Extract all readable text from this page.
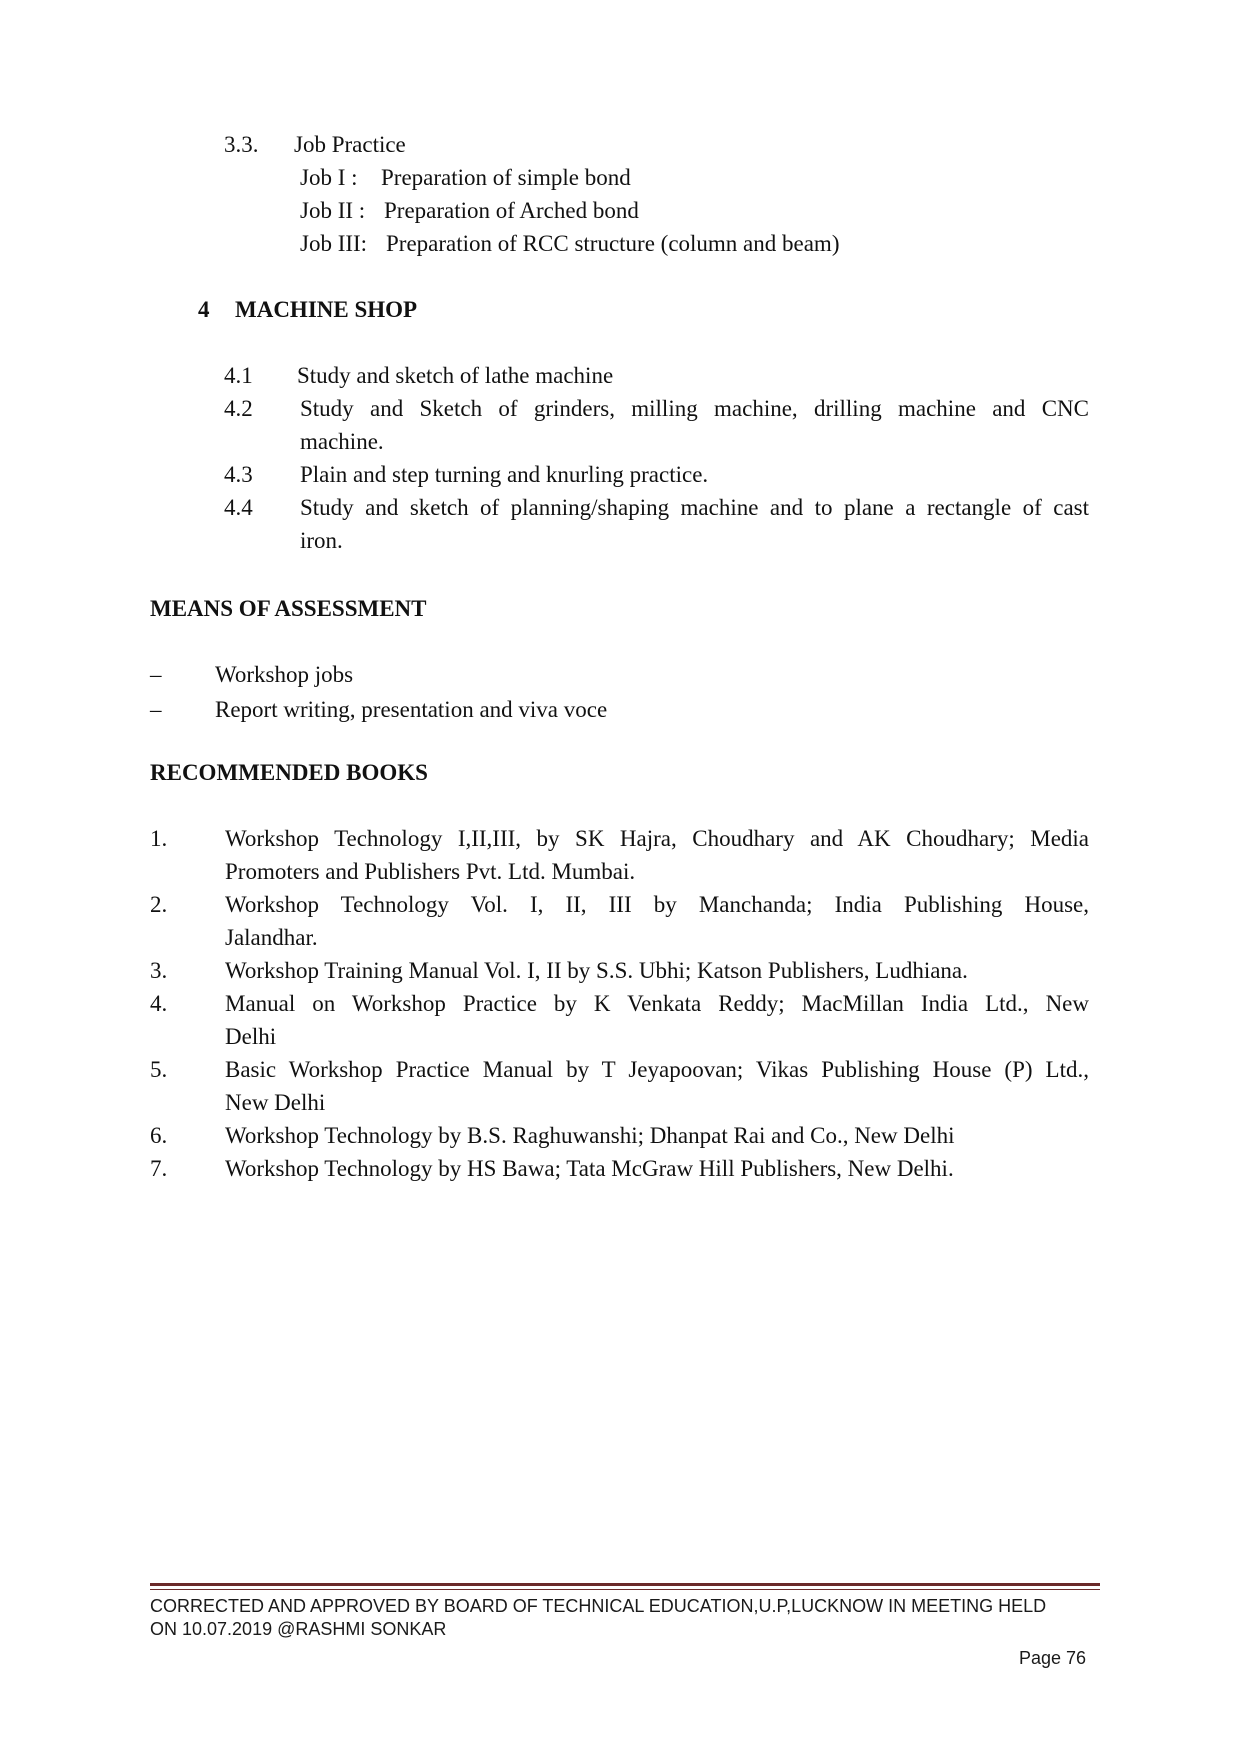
3.3. Job Practice
Job I : Preparation of simple bond
Job II : Preparation of Arched bond
Job III: Preparation of RCC structure (column and beam)
4 MACHINE SHOP
4.1 Study and sketch of lathe machine
4.2 Study and Sketch of grinders, milling machine, drilling machine and CNC
machine.
4.3 Plain and step turning and knurling practice.
4.4 Study and sketch of planning/shaping machine and to plane a rectangle of cast
iron.
MEANS OF ASSESSMENT
– Workshop jobs
– Report writing, presentation and viva voce
RECOMMENDED BOOKS
1.	Workshop Technology I,II,III, by SK Hajra, Choudhary and AK Choudhary; Media
Promoters and Publishers Pvt. Ltd. Mumbai.
2.	Workshop Technology Vol. I, II, III by Manchanda; India Publishing House,
Jalandhar.
3.	Workshop Training Manual Vol. I, II by S.S. Ubhi; Katson Publishers, Ludhiana.
4.	Manual on Workshop Practice by K Venkata Reddy; MacMillan India Ltd., New
Delhi
5.	Basic Workshop Practice Manual by T Jeyapoovan; Vikas Publishing House (P) Ltd.,
New Delhi
6.	Workshop Technology by B.S. Raghuwanshi; Dhanpat Rai and Co., New Delhi
7.	Workshop Technology by HS Bawa; Tata McGraw Hill Publishers, New Delhi.
CORRECTED AND APPROVED BY BOARD OF TECHNICAL EDUCATION,U.P,LUCKNOW IN MEETING HELD
ON 10.07.2019 @RASHMI SONKAR
Page 76
